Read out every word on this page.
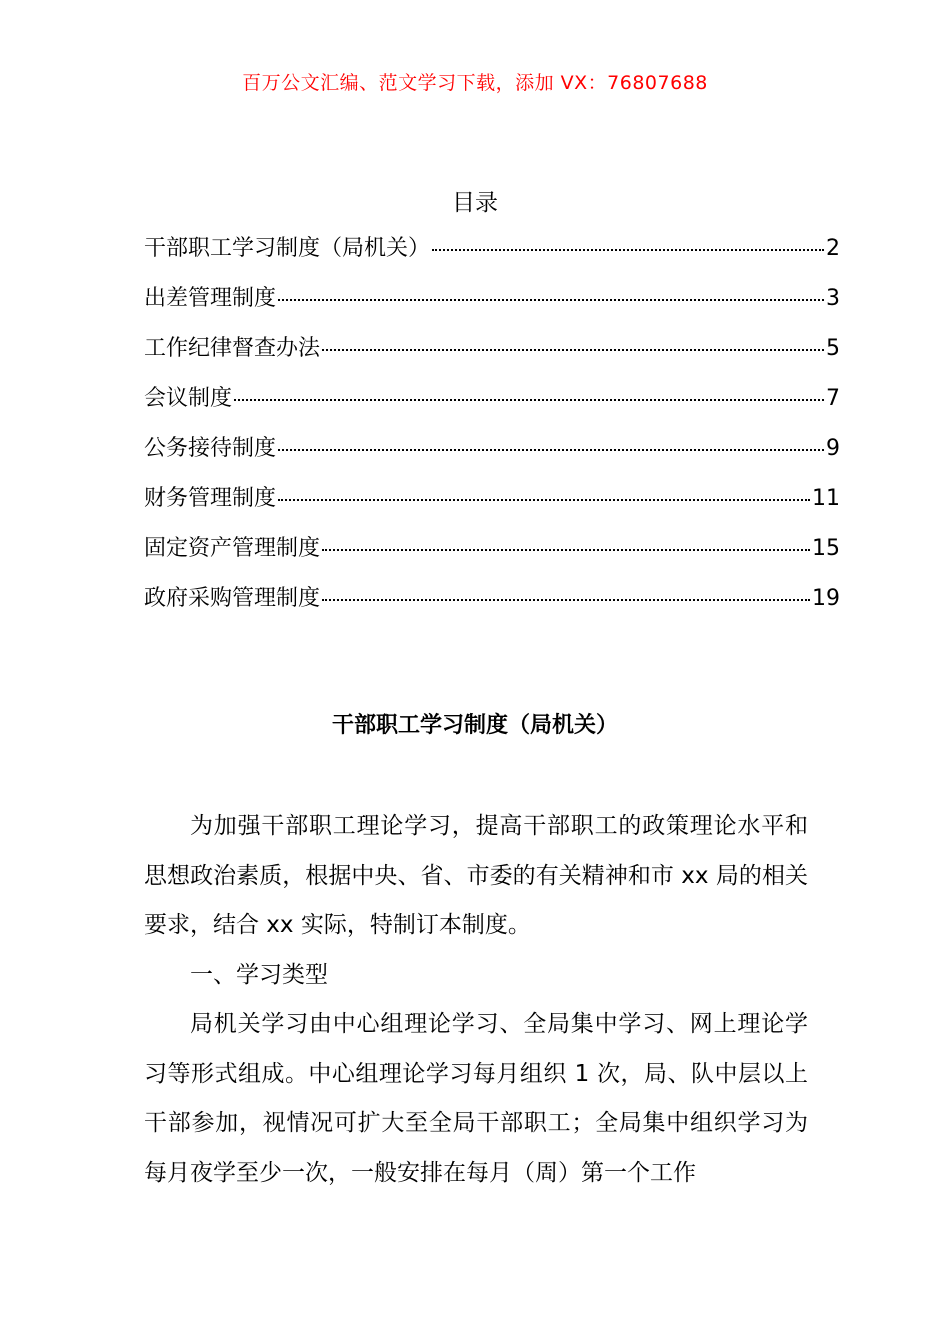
百万公文汇编、范文学习下载，添加 VX：76807688
目录
干部职工学习制度（局机关）	2
出差管理制度	3
工作纪律督查办法	5
会议制度	7
公务接待制度	9
财务管理制度	11
固定资产管理制度	15
政府采购管理制度	19
干部职工学习制度（局机关）

为加强干部职工理论学习，提高干部职工的政策理论水平和思想政治素质，根据中央、省、市委的有关精神和市 xx 局的相关要求，结合 xx 实际，特制订本制度。

一、学习类型

局机关学习由中心组理论学习、全局集中学习、网上理论学习等形式组成。中心组理论学习每月组织 1 次，局、队中层以上干部参加，视情况可扩大至全局干部职工；全局集中组织学习为每月夜学至少一次，一般安排在每月（周）第一个工作
